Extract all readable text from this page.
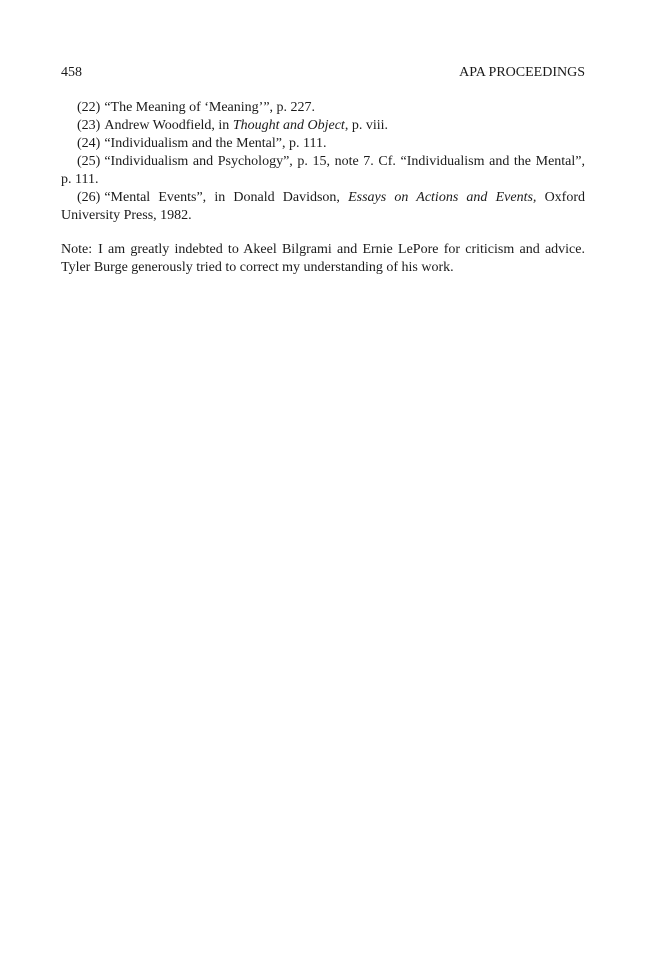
458	APA PROCEEDINGS

(22) “The Meaning of ‘Meaning’”, p. 227.

(23) Andrew Woodfield, in Thought and Object, p. viii.

(24) “Individualism and the Mental”, p. 111.

(25) “Individualism and Psychology”, p. 15, note 7. Cf. “Individualism and the Mental”, p. 111.

(26) “Mental Events”, in Donald Davidson, Essays on Actions and Events, Oxford University Press, 1982.

Note: I am greatly indebted to Akeel Bilgrami and Ernie LePore for criticism and advice. Tyler Burge generously tried to correct my understanding of his work.
